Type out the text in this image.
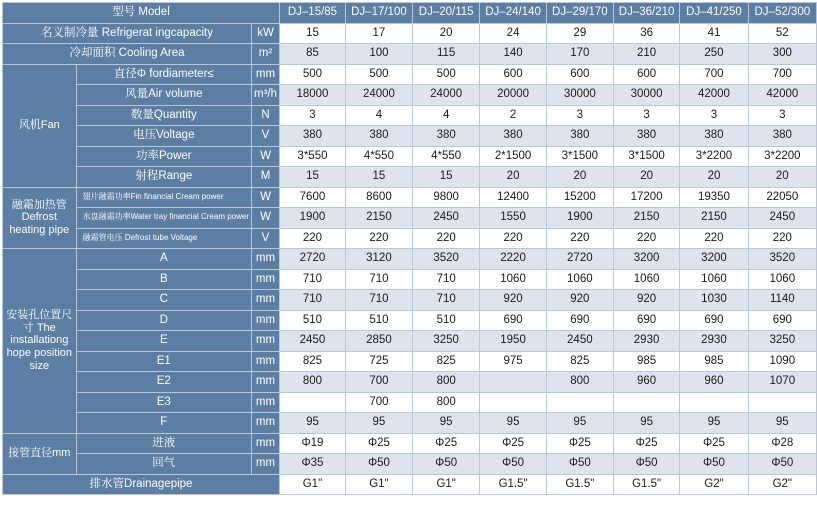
型号 Model			DJ–15/85	DJ–17/100	DJ–20/115	DJ–24/140	DJ–29/170	DJ–36/210	DJ–41/250	DJ–52/300
名义制冷量 Refrigerat ingcapacity		kW	15	17	20	24	29	36	41	52
冷却面积 Cooling Area		m²	85	100	115	140	170	210	250	300
风机Fan	直径Φ fordiameter≤	mm	500	500	500	600	600	600	700	700
	风量Air volume	m³/h	18000	24000	24000	20000	30000	30000	42000	42000
	数量Quantity	N	3	4	4	2	3	3	3	3
	电压Voltage	V	380	380	380	380	380	380	380	380
	功率Power	W	3*550	4*550	4*550	2*1500	3*1500	3*1500	3*2200	3*2200
	射程Range	M	15	15	15	20	20	20	20	20
融霜加热管 Defrost heating pipe	翅片融霜功率Fin financial Cream power	W	7600	8600	9800	12400	15200	17200	19350	22050
	水盘融霜功率Water tray financial Cream power	W	1900	2150	2450	1550	1900	2150	2150	2450
	融霜管电压 Defrost tube Voltage	V	220	220	220	220	220	220	220	220
安装孔位置尺寸 The installationg hope position size	A	mm	2720	3120	3520	2220	2720	3200	3200	3520
	B	mm	710	710	710	1060	1060	1060	1060	1060
	C	mm	710	710	710	920	920	920	1030	1140
	D	mm	510	510	510	690	690	690	690	690
	E	mm	2450	2850	3250	1950	2450	2930	2930	3250
	E1	mm	825	725	825	975	825	985	985	1090
	E2	mm	800	700	800		800	960	960	1070
	E3	mm		700	800					
	F	mm	95	95	95	95	95	95	95	95
接管直径mm	进液	mm	Φ19	Φ25	Φ25	Φ25	Φ25	Φ25	Φ25	Φ28
	回气	mm	Φ35	Φ50	Φ50	Φ50	Φ50	Φ50	Φ50	Φ50
排水管Drainagepipe			G1"	G1"	G1"	G1.5"	G1.5"	G1.5"	G2"	G2"
